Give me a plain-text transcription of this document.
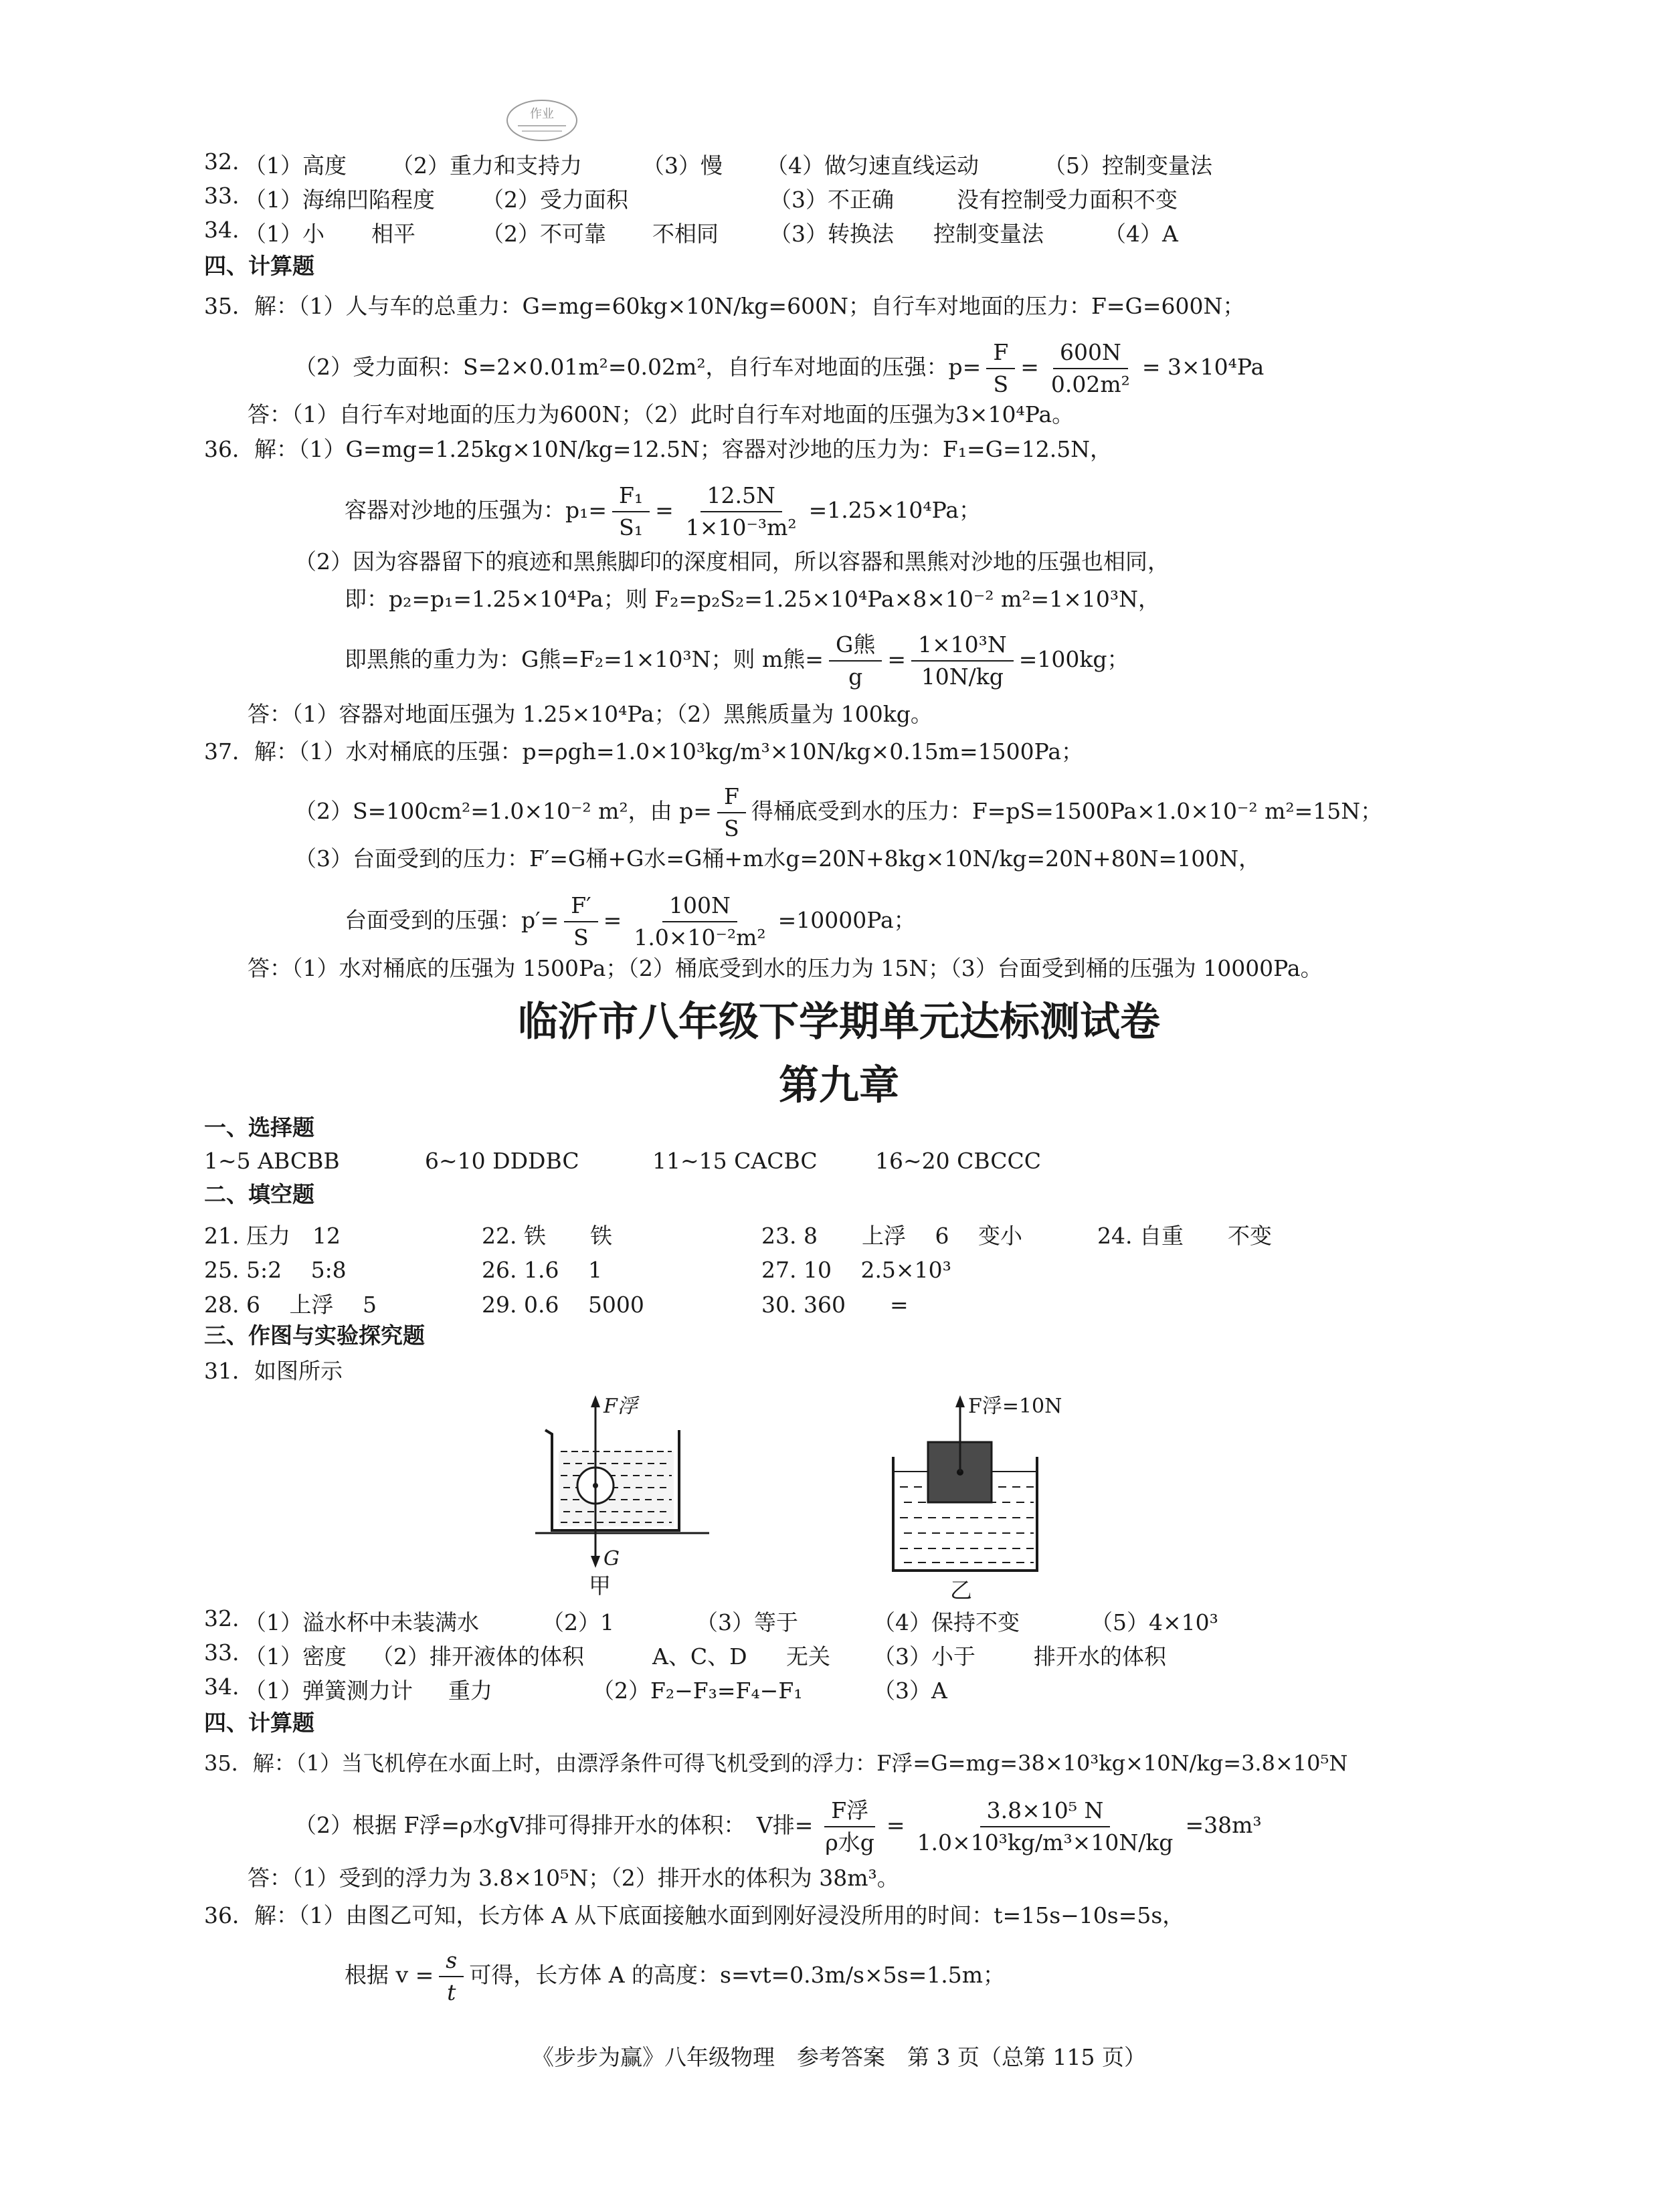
作业
32. （1）高度 （2）重力和支持力	（3）慢 （4）做匀速直线运动	（5）控制变量法
33. （1）海绵凹陷程度 （2）受力面积	（3）不正确	没有控制受力面积不变
34. （1）小 相平	（2）不可靠 不相同 （3）转换法 控制变量法	（4）A
四、计算题
35．解：（1）人与车的总重力：G=mg=60kg×10N/kg=600N；自行车对地面的压力：F=G=600N；
（2）受力面积：S=2×0.01m²=0.02m²，自行车对地面的压强：$p= \frac{F}{S} = \frac{600N}{\text{0.02m²}} = 3\times 10^4Pa$
答：（1）自行车对地面的压力为600N；（2）此时自行车对地面的压强为3×10⁴Pa。
36．解：（1）G=mg=1.25kg×10N/kg=12.5N；容器对沙地的压力为：F₁=G=12.5N，
容器对沙地的压强为：$p_1= \frac{\text{F₁}}{\text{S₁}} = \frac{12.5N}{\text{1×10⁻³m²}} =1.25\times 10^4Pa$；
（2）因为容器留下的痕迹和黑熊脚印的深度相同，所以容器和黑熊对沙地的压强也相同，
即：p₂=p₁=1.25×10⁴Pa；则 F₂=p₂S₂=1.25×10⁴Pa×8×10⁻² m²=1×10³N，
即黑熊的重力为：G熊=F₂=1×10³N；则 m熊= $\frac{\text{G熊}}{g} = \frac{\text{1×10³N}}{10N/kg} =100kg$；
答：（1）容器对地面压强为 1.25×10⁴Pa；（2）黑熊质量为 100kg。
37．解：（1）水对桶底的压强：p=ρgh=1.0×10³kg/m³×10N/kg×0.15m=1500Pa；
（2）S=100cm²=1.0×10⁻² m²，由 $p= \frac{F}{S}$ 得桶底受到水的压力：F=pS=1500Pa×1.0×10⁻² m²=15N；
（3）台面受到的压力：F′=G桶+G水=G桶+m水g=20N+8kg×10N/kg=20N+80N=100N，
台面受到的压强：$p'= \frac{F'}{S} = \frac{100N}{\text{1.0×10⁻²m²}} =10000Pa$；
答：（1）水对桶底的压强为 1500Pa；（2）桶底受到水的压力为 15N；（3）台面受到桶的压强为 10000Pa。
临沂市八年级下学期单元达标测试卷
第九章
一、选择题
1~5 ABCBB	6~10 DDDBC	11~15 CACBC	16~20 CBCCC
二、填空题
21. 压力　12	22. 铁　　铁	23. 8　　上浮　 6　 变小	24. 自重　　不变
25. 5:2　 5:8	26. 1.6　 1	27. 10　 2.5×10³
28. 6　 上浮　 5	29. 0.6　 5000	30. 360　　=
三、作图与实验探究题
31．如图所示
F浮
G
甲
F浮=10N
乙
32. （1）溢水杯中未装满水	（2）1	（3）等于	（4）保持不变	（5）4×10³
33. （1）密度 （2）排开液体的体积	A、C、D 无关 （3）小于	排开水的体积
34. （1）弹簧测力计 重力	（2）F₂−F₃=F₄−F₁	（3）A
四、计算题
35．解：（1）当飞机停在水面上时，由漂浮条件可得飞机受到的浮力：F浮=G=mg=38×10³kg×10N/kg=3.8×10⁵N
（2）根据 F浮=ρ水gV排可得排开水的体积：　V排= $\frac{\text{F浮}}{\text{ρ水g}} = \frac{\text{3.8×10⁵ N}}{\text{1.0×10³kg/m³×10N/kg}} =38m^3$
答：（1）受到的浮力为 3.8×10⁵N；（2）排开水的体积为 38m³。
36．解：（1）由图乙可知，长方体 A 从下底面接触水面到刚好浸没所用的时间：t=15s−10s=5s，
根据 $v = \frac{s}{t}$ 可得，长方体 A 的高度：s=vt=0.3m/s×5s=1.5m；
《步步为赢》八年级物理　参考答案　第 3 页（总第 115 页）
